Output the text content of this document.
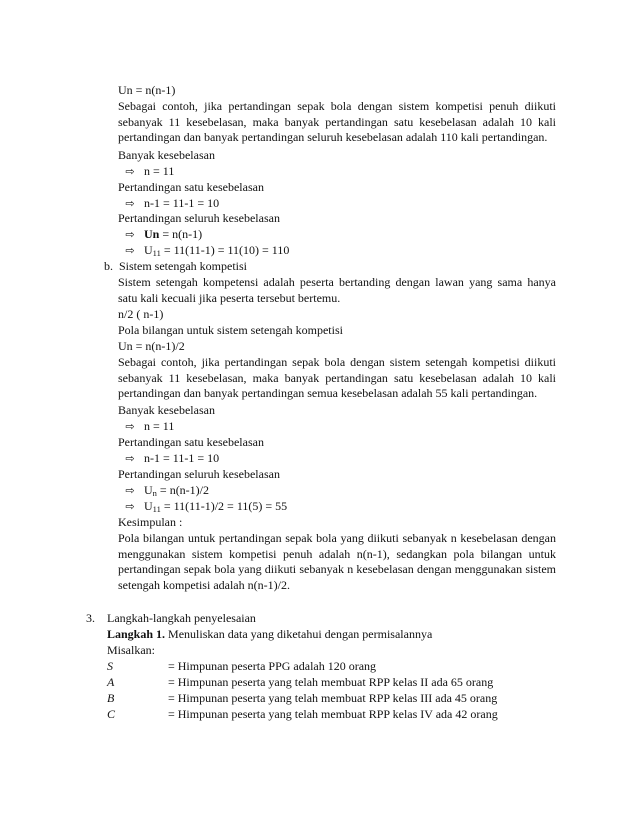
Un = n(n-1)
Sebagai contoh, jika pertandingan sepak bola dengan sistem kompetisi penuh diikuti sebanyak 11 kesebelasan, maka banyak pertandingan satu kesebelasan adalah 10 kali pertandingan dan banyak pertandingan seluruh kesebelasan adalah 110 kali pertandingan.
Banyak kesebelasan
⇨ n = 11
Pertandingan satu kesebelasan
⇨ n-1 = 11-1 = 10
Pertandingan seluruh kesebelasan
⇨ Un = n(n-1)
⇨ $U_{11} = 11(11-1) = 11(10) = 110$
b. Sistem setengah kompetisi
Sistem setengah kompetensi adalah peserta bertanding dengan lawan yang sama hanya satu kali kecuali jika peserta tersebut bertemu.
n/2 ( n-1)
Pola bilangan untuk sistem setengah kompetisi
Un = n(n-1)/2
Sebagai contoh, jika pertandingan sepak bola dengan sistem setengah kompetisi diikuti sebanyak 11 kesebelasan, maka banyak pertandingan satu kesebelasan adalah 10 kali pertandingan dan banyak pertandingan semua kesebelasan adalah 55 kali pertandingan.
Banyak kesebelasan
⇨ n = 11
Pertandingan satu kesebelasan
⇨ n-1 = 11-1 = 10
Pertandingan seluruh kesebelasan
⇨ $U_n = n(n-1)/2$
⇨ $U_{11} = 11(11-1)/2 = 11(5) = 55$
Kesimpulan :
Pola bilangan untuk pertandingan sepak bola yang diikuti sebanyak n kesebelasan dengan menggunakan sistem kompetisi penuh adalah n(n-1), sedangkan pola bilangan untuk pertandingan sepak bola yang diikuti sebanyak n kesebelasan dengan menggunakan sistem setengah kompetisi adalah n(n-1)/2.
3. Langkah-langkah penyelesaian
Langkah 1. Menuliskan data yang diketahui dengan permisalannya
Misalkan:
S	= Himpunan peserta PPG adalah 120 orang
A	= Himpunan peserta yang telah membuat RPP kelas II ada 65 orang
B	= Himpunan peserta yang telah membuat RPP kelas III ada 45 orang
C	= Himpunan peserta yang telah membuat RPP kelas IV ada 42 orang
